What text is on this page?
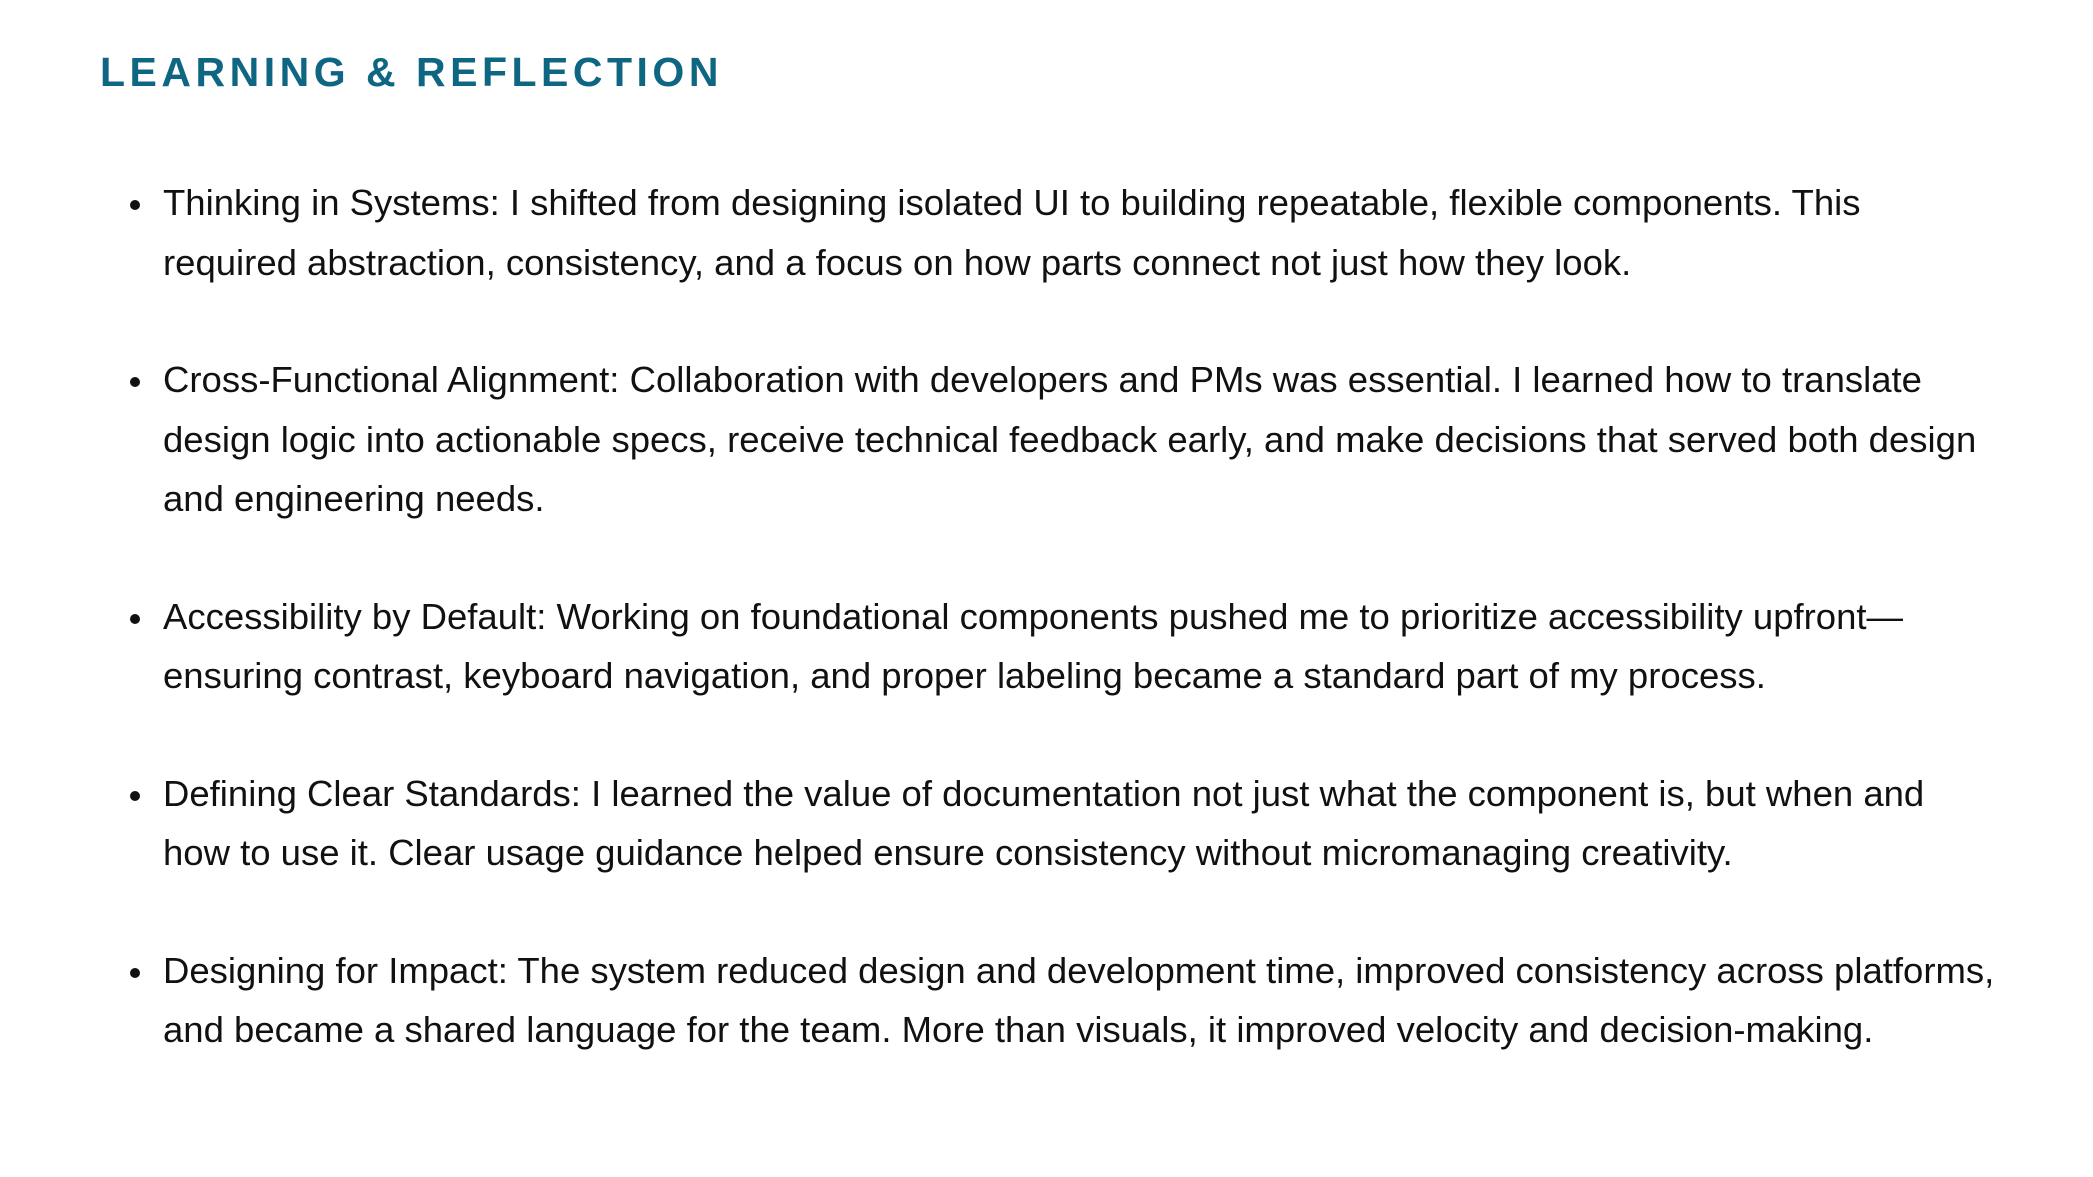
LEARNING & REFLECTION
Thinking in Systems: I shifted from designing isolated UI to building repeatable, flexible components. This required abstraction, consistency, and a focus on how parts connect not just how they look.
Cross-Functional Alignment: Collaboration with developers and PMs was essential. I learned how to translate design logic into actionable specs, receive technical feedback early, and make decisions that served both design and engineering needs.
Accessibility by Default: Working on foundational components pushed me to prioritize accessibility upfront—ensuring contrast, keyboard navigation, and proper labeling became a standard part of my process.
Defining Clear Standards: I learned the value of documentation not just what the component is, but when and how to use it. Clear usage guidance helped ensure consistency without micromanaging creativity.
Designing for Impact: The system reduced design and development time, improved consistency across platforms, and became a shared language for the team. More than visuals, it improved velocity and decision-making.
